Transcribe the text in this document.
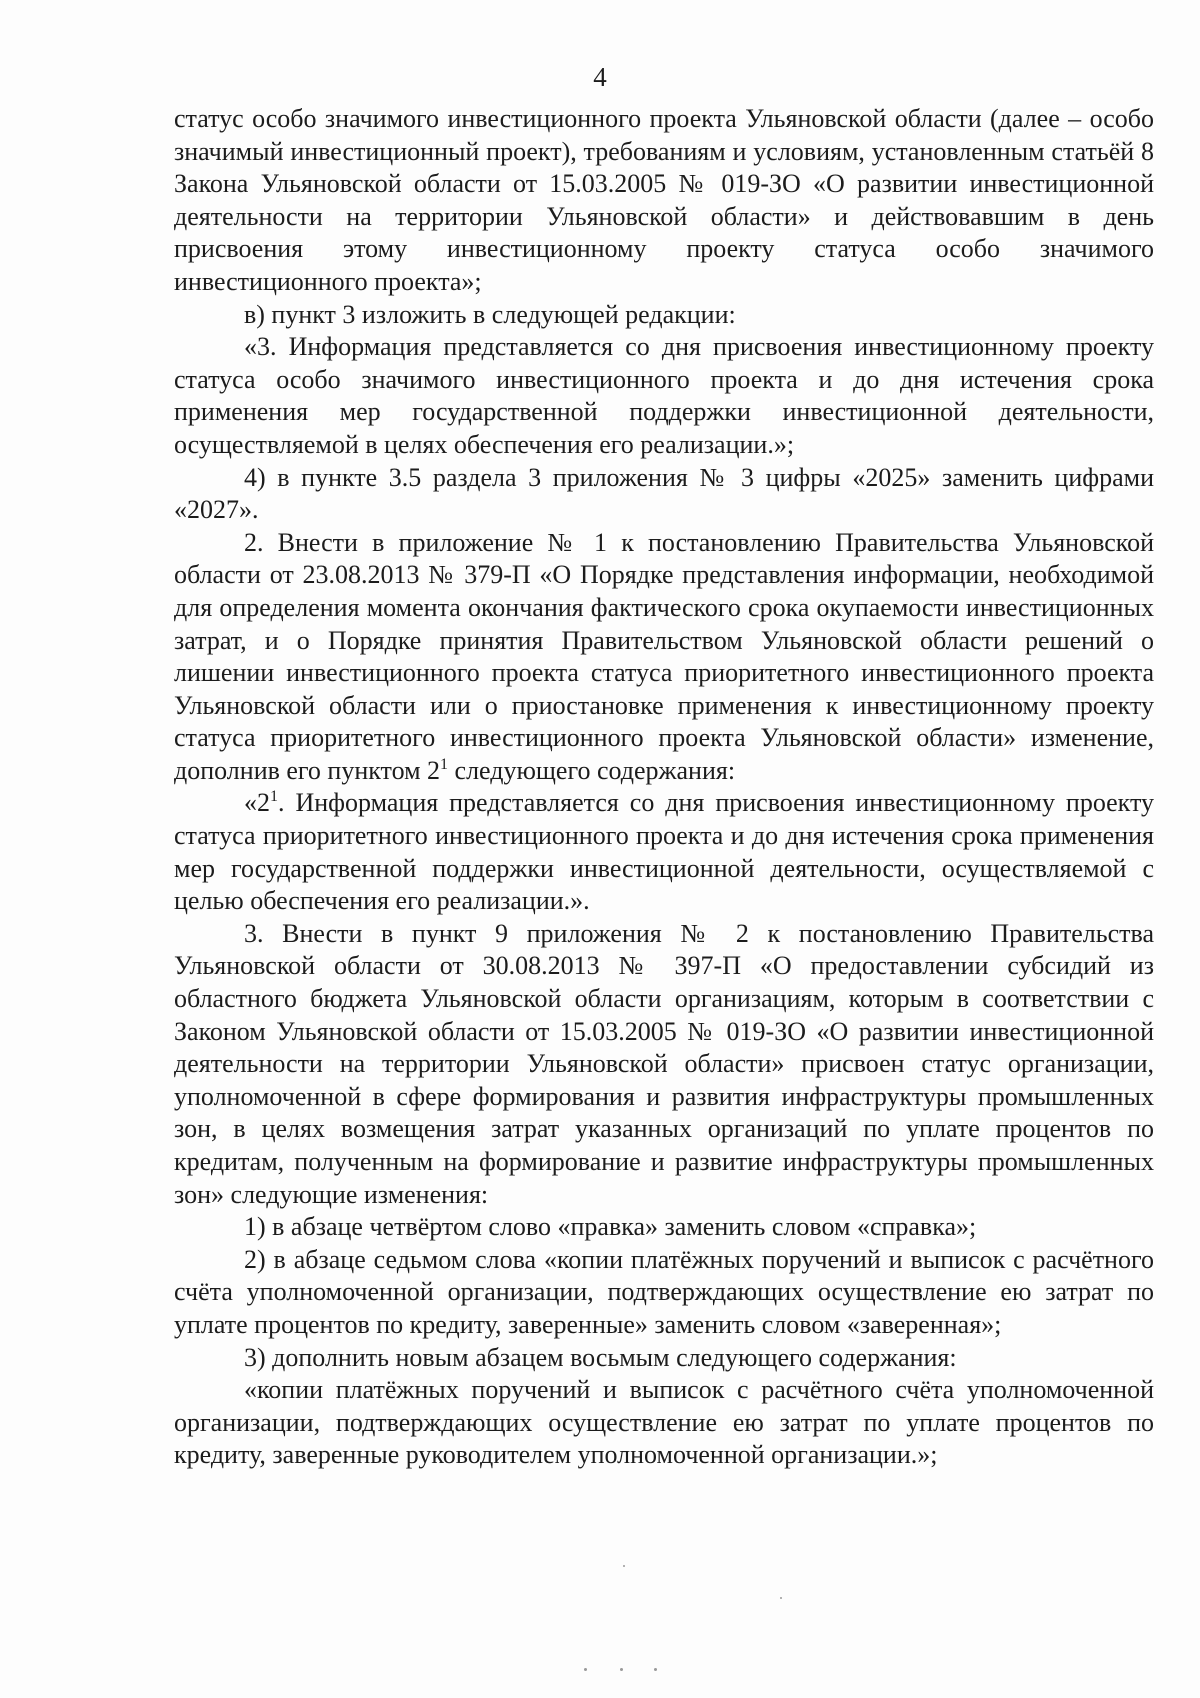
4

статус особо значимого инвестиционного проекта Ульяновской области (далее – особо значимый инвестиционный проект), требованиям и условиям, установленным статьёй 8 Закона Ульяновской области от 15.03.2005 № 019-ЗО «О развитии инвестиционной деятельности на территории Ульяновской области» и действовавшим в день присвоения этому инвестиционному проекту статуса особо значимого инвестиционного проекта»;

в) пункт 3 изложить в следующей редакции:

«3. Информация представляется со дня присвоения инвестиционному проекту статуса особо значимого инвестиционного проекта и до дня истечения срока применения мер государственной поддержки инвестиционной деятельности, осуществляемой в целях обеспечения его реализации.»;

4) в пункте 3.5 раздела 3 приложения № 3 цифры «2025» заменить цифрами «2027».

2. Внести в приложение № 1 к постановлению Правительства Ульяновской области от 23.08.2013 № 379-П «О Порядке представления информации, необходимой для определения момента окончания фактического срока окупаемости инвестиционных затрат, и о Порядке принятия Правительством Ульяновской области решений о лишении инвестиционного проекта статуса приоритетного инвестиционного проекта Ульяновской области или о приостановке применения к инвестиционному проекту статуса приоритетного инвестиционного проекта Ульяновской области» изменение, дополнив его пунктом $2^1$ следующего содержания:

«$2^1$. Информация представляется со дня присвоения инвестиционному проекту статуса приоритетного инвестиционного проекта и до дня истечения срока применения мер государственной поддержки инвестиционной деятельности, осуществляемой с целью обеспечения его реализации.».

3. Внести в пункт 9 приложения № 2 к постановлению Правительства Ульяновской области от 30.08.2013 № 397-П «О предоставлении субсидий из областного бюджета Ульяновской области организациям, которым в соответствии с Законом Ульяновской области от 15.03.2005 № 019-ЗО «О развитии инвестиционной деятельности на территории Ульяновской области» присвоен статус организации, уполномоченной в сфере формирования и развития инфраструктуры промышленных зон, в целях возмещения затрат указанных организаций по уплате процентов по кредитам, полученным на формирование и развитие инфраструктуры промышленных зон» следующие изменения:

1) в абзаце четвёртом слово «правка» заменить словом «справка»;

2) в абзаце седьмом слова «копии платёжных поручений и выписок с расчётного счёта уполномоченной организации, подтверждающих осуществление ею затрат по уплате процентов по кредиту, заверенные» заменить словом «заверенная»;

3) дополнить новым абзацем восьмым следующего содержания:

«копии платёжных поручений и выписок с расчётного счёта уполномоченной организации, подтверждающих осуществление ею затрат по уплате процентов по кредиту, заверенные руководителем уполномоченной организации.»;
